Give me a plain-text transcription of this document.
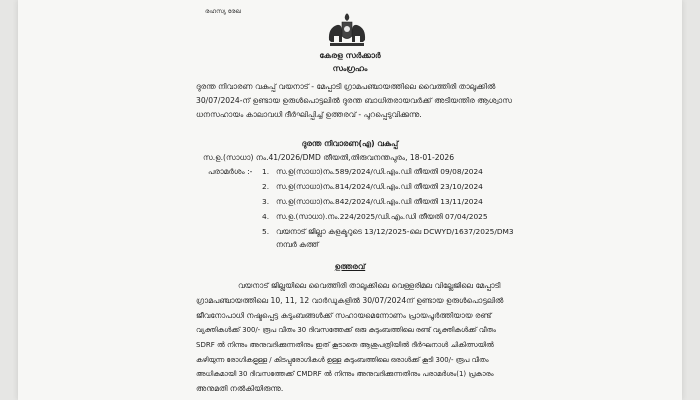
രഹസ്യ രേഖ
കേരള സർക്കാർ
സംഗ്രഹം
ദുരന്ത നിവാരണ വകുപ്പ് വയനാട് - മേപ്പാടി ഗ്രാമപഞ്ചായത്തിലെ വൈത്തിരി താലൂക്കിൽ
30/07/2024-ന് ഉണ്ടായ ഉരുൾപൊട്ടലിൽ ദുരന്ത ബാധിതരായവർക്ക് അടിയന്തിര ആശ്വാസ
ധനസഹായം കാലാവധി ദീർഘിപ്പിച്ച് ഉത്തരവ് - പുറപ്പെടുവിക്കുന്നു.
ദുരന്ത നിവാരണ(എ) വകുപ്പ്
സ.ഉ.(സാധാ) നം.41/2026/DMD തീയതി,തിരുവനന്തപുരം, 18-01-2026
പരാമർശം :- 1. സ.ഉ(സാധാ)നം.589/2024/ഡി.എം.ഡി തീയതി 09/08/2024
2. സ.ഉ(സാധാ)നം.814/2024/ഡി.എം.ഡി തീയതി 23/10/2024
3. സ.ഉ(സാധാ)നം.842/2024/ഡി.എം.ഡി തീയതി 13/11/2024
4. സ.ഉ.(സാധാ).നം.224/2025/ഡി.എം.ഡി തീയതി 07/04/2025
5. വയനാട് ജില്ലാ കളക്ടറുടെ 13/12/2025-ലെ DCWYD/1637/2025/DM3
നമ്പർ കത്ത്
ഉത്തരവ്
വയനാട് ജില്ലയിലെ വൈത്തിരി താലൂക്കിലെ വെള്ളരിമല വില്ലേജിലെ മേപ്പാടി
ഗ്രാമപഞ്ചായത്തിലെ 10, 11, 12 വാർഡുകളിൽ 30/07/2024ന് ഉണ്ടായ ഉരുൾപൊട്ടലിൽ
ജീവനോപാധി നഷ്ടപ്പെട്ട കുടുംബങ്ങൾക്ക് സഹായമെന്നോണം പ്രായപൂർത്തിയായ രണ്ട്
വ്യക്തികൾക്ക് 300/- രൂപ വീതം 30 ദിവസത്തേക്ക് ഒരു കുടുംബത്തിലെ രണ്ട് വ്യക്തികൾക്ക് വീതം
SDRF ൽ നിന്നും അനുവദിക്കുന്നതിനും ഇത് കൂടാതെ ആശുപത്രിയിൽ ദീർഘനാൾ ചികിത്സയിൽ
കഴിയുന്ന രോഗികളുള്ള / കിടപ്പുരോഗികൾ ഉള്ള കുടുംബത്തിലെ ഒരാൾക്ക് കൂടി 300/- രൂപ വീതം
അധികമായി 30 ദിവസത്തേക്ക് CMDRF ൽ നിന്നും അനുവദിക്കുന്നതിനും പരാമർശം(1) പ്രകാരം
അനുമതി നൽകിയിരുന്നു.
